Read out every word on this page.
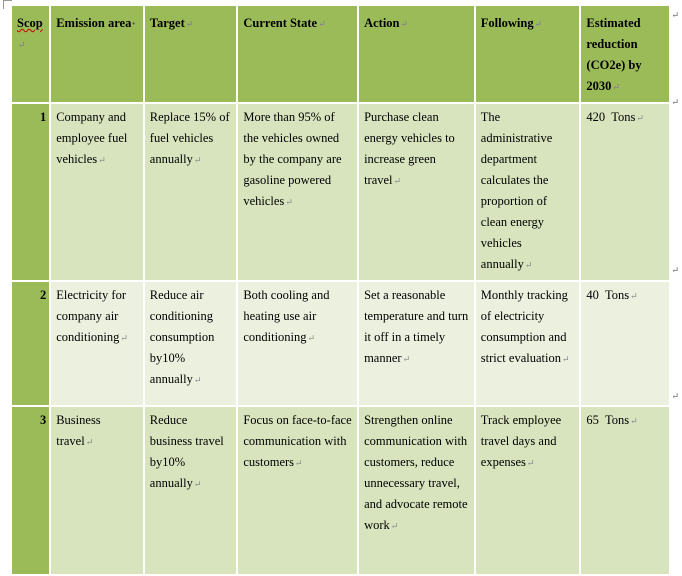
Scop↵	Emission area •	Target↵	Current State↵	Action↵	Following↵	Estimated reduction (CO2e) by 2030↵
1	Company and employee fuel vehicles↵	Replace 15% of fuel vehicles annually↵	More than 95% of the vehicles owned by the company are gasoline powered vehicles↵	Purchase clean energy vehicles to increase green travel↵	The administrative department calculates the proportion of clean energy vehicles annually↵	420  Tons↵
2	Electricity for company air conditioning↵	Reduce air conditioning consumption by10% annually↵	Both cooling and heating use air conditioning↵	Set a reasonable temperature and turn it off in a timely manner↵	Monthly tracking of electricity consumption and strict evaluation↵	40  Tons↵
3	Business travel↵	Reduce business travel by10% annually↵	Focus on face-to-face communication with customers↵	Strengthen online communication with customers, reduce unnecessary travel, and advocate remote work↵	Track employee travel days and expenses↵	65  Tons↵
↵
↵
↵
↵
